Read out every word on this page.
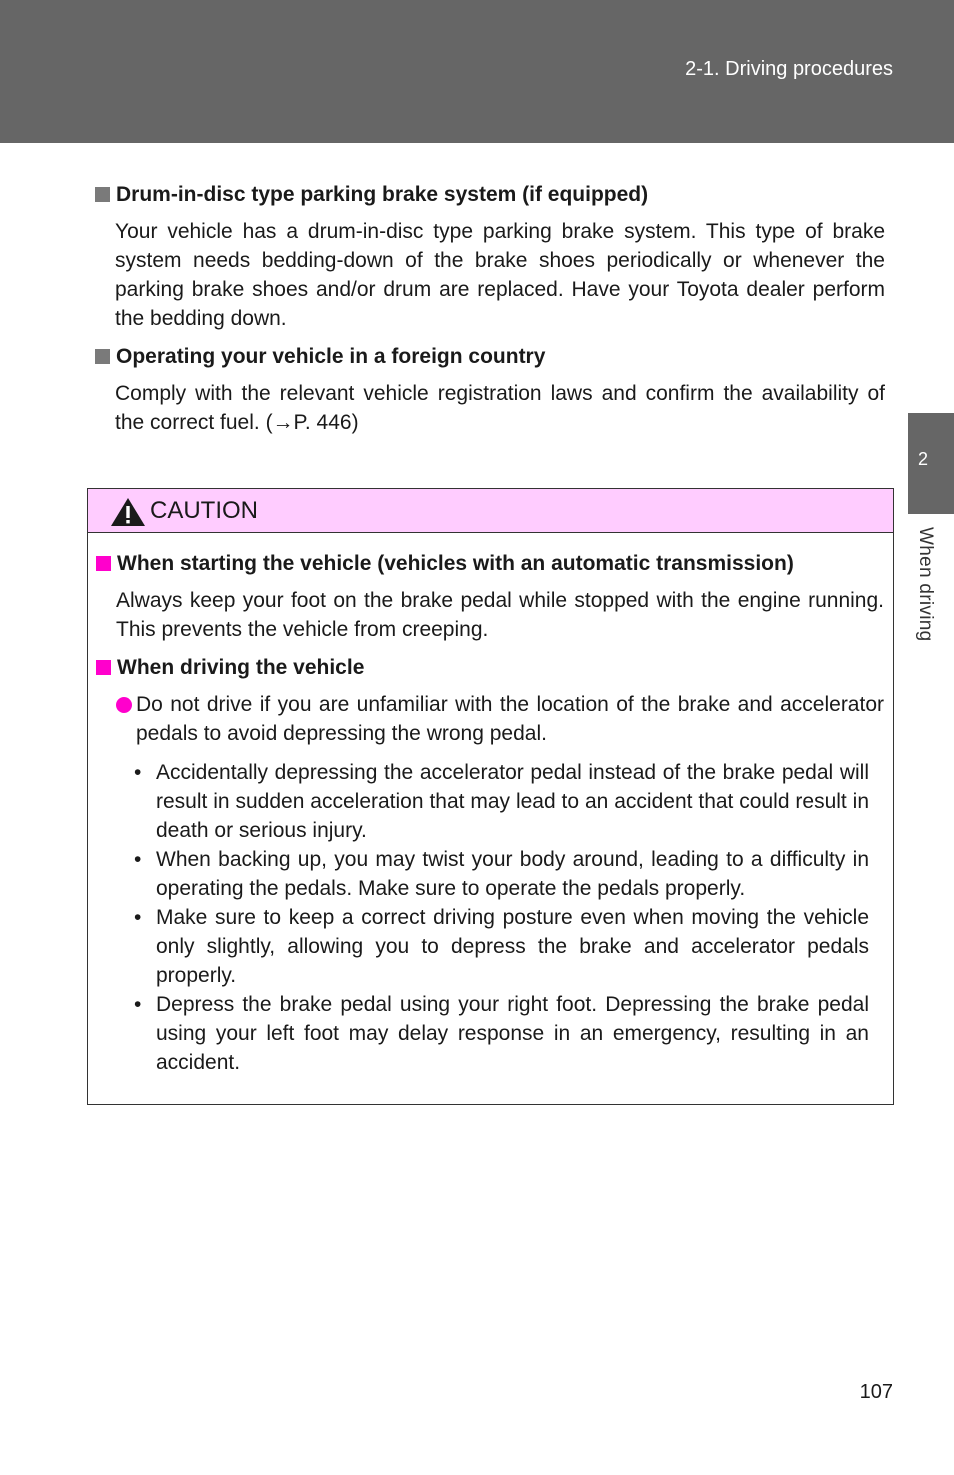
2-1. Driving procedures
2
When driving
Drum-in-disc type parking brake system (if equipped)

Your vehicle has a drum-in-disc type parking brake system. This type of brake system needs bedding-down of the brake shoes periodically or whenever the parking brake shoes and/or drum are replaced. Have your Toyota dealer perform the bedding down.

Operating your vehicle in a foreign country

Comply with the relevant vehicle registration laws and confirm the availability of the correct fuel. (→P. 446)

CAUTION
When starting the vehicle (vehicles with an automatic transmission)

Always keep your foot on the brake pedal while stopped with the engine running. This prevents the vehicle from creeping.

When driving the vehicle
Do not drive if you are unfamiliar with the location of the brake and accelerator pedals to avoid depressing the wrong pedal.
• Accidentally depressing the accelerator pedal instead of the brake pedal will result in sudden acceleration that may lead to an accident that could result in death or serious injury.
• When backing up, you may twist your body around, leading to a difficulty in operating the pedals. Make sure to operate the pedals properly.
• Make sure to keep a correct driving posture even when moving the vehicle only slightly, allowing you to depress the brake and accelerator pedals properly.
• Depress the brake pedal using your right foot. Depressing the brake pedal using your left foot may delay response in an emergency, resulting in an accident.
107
